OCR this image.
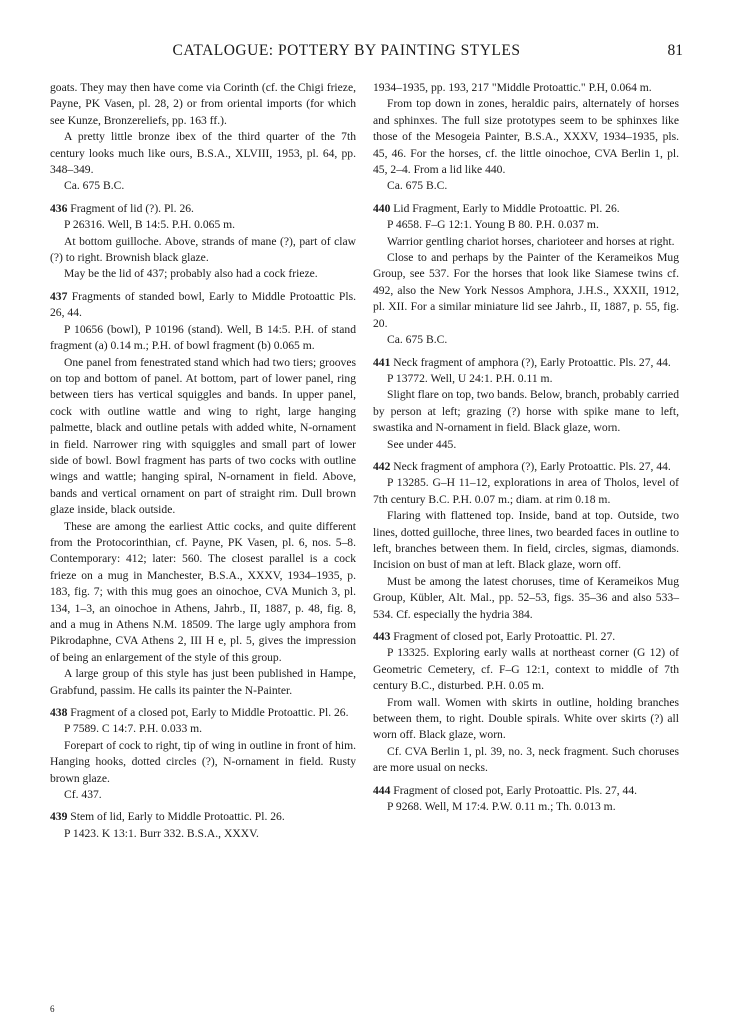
CATALOGUE: POTTERY BY PAINTING STYLES	81

goats. They may then have come via Corinth (cf. the Chigi frieze, Payne, PK Vasen, pl. 28, 2) or from oriental imports (for which see Kunze, Bronzereliefs, pp. 163 ff.).

A pretty little bronze ibex of the third quarter of the 7th century looks much like ours, B.S.A., XLVIII, 1953, pl. 64, pp. 348–349.

Ca. 675 B.C.

436 Fragment of lid (?). Pl. 26.

P 26316. Well, B 14:5. P.H. 0.065 m.

At bottom guilloche. Above, strands of mane (?), part of claw (?) to right. Brownish black glaze.

May be the lid of 437; probably also had a cock frieze.

437 Fragments of standed bowl, Early to Middle Protoattic Pls. 26, 44.

P 10656 (bowl), P 10196 (stand). Well, B 14:5. P.H. of stand fragment (a) 0.14 m.; P.H. of bowl fragment (b) 0.065 m.

One panel from fenestrated stand which had two tiers; grooves on top and bottom of panel. At bottom, part of lower panel, ring between tiers has vertical squiggles and bands. In upper panel, cock with outline wattle and wing to right, large hanging palmette, black and outline petals with added white, N-ornament in field. Narrower ring with squiggles and small part of lower side of bowl. Bowl fragment has parts of two cocks with outline wings and wattle; hanging spiral, N-ornament in field. Above, bands and vertical ornament on part of straight rim. Dull brown glaze inside, black outside.

These are among the earliest Attic cocks, and quite different from the Protocorinthian, cf. Payne, PK Vasen, pl. 6, nos. 5–8. Contemporary: 412; later: 560. The closest parallel is a cock frieze on a mug in Manchester, B.S.A., XXXV, 1934–1935, p. 183, fig. 7; with this mug goes an oinochoe, CVA Munich 3, pl. 134, 1–3, an oinochoe in Athens, Jahrb., II, 1887, p. 48, fig. 8, and a mug in Athens N.M. 18509. The large ugly amphora from Pikrodaphne, CVA Athens 2, III H e, pl. 5, gives the impression of being an enlargement of the style of this group.

A large group of this style has just been published in Hampe, Grabfund, passim. He calls its painter the N-Painter.

438 Fragment of a closed pot, Early to Middle Protoattic. Pl. 26.

P 7589. C 14:7. P.H. 0.033 m.

Forepart of cock to right, tip of wing in outline in front of him. Hanging hooks, dotted circles (?), N-ornament in field. Rusty brown glaze.

Cf. 437.

439 Stem of lid, Early to Middle Protoattic. Pl. 26.

P 1423. K 13:1. Burr 332. B.S.A., XXXV.

1934–1935, pp. 193, 217 "Middle Protoattic." P.H, 0.064 m.

From top down in zones, heraldic pairs, alternately of horses and sphinxes. The full size prototypes seem to be sphinxes like those of the Mesogeia Painter, B.S.A., XXXV, 1934–1935, pls. 45, 46. For the horses, cf. the little oinochoe, CVA Berlin 1, pl. 45, 2–4. From a lid like 440.

Ca. 675 B.C.

440 Lid Fragment, Early to Middle Protoattic. Pl. 26.

P 4658. F–G 12:1. Young B 80. P.H. 0.037 m.

Warrior gentling chariot horses, charioteer and horses at right.

Close to and perhaps by the Painter of the Kerameikos Mug Group, see 537. For the horses that look like Siamese twins cf. 492, also the New York Nessos Amphora, J.H.S., XXXII, 1912, pl. XII. For a similar miniature lid see Jahrb., II, 1887, p. 55, fig. 20.

Ca. 675 B.C.

441 Neck fragment of amphora (?), Early Protoattic. Pls. 27, 44.

P 13772. Well, U 24:1. P.H. 0.11 m.

Slight flare on top, two bands. Below, branch, probably carried by person at left; grazing (?) horse with spike mane to left, swastika and N-ornament in field. Black glaze, worn.

See under 445.

442 Neck fragment of amphora (?), Early Protoattic. Pls. 27, 44.

P 13285. G–H 11–12, explorations in area of Tholos, level of 7th century B.C. P.H. 0.07 m.; diam. at rim 0.18 m.

Flaring with flattened top. Inside, band at top. Outside, two lines, dotted guilloche, three lines, two bearded faces in outline to left, branches between them. In field, circles, sigmas, diamonds. Incision on bust of man at left. Black glaze, worn off.

Must be among the latest choruses, time of Kerameikos Mug Group, Kübler, Alt. Mal., pp. 52–53, figs. 35–36 and also 533–534. Cf. especially the hydria 384.

443 Fragment of closed pot, Early Protoattic. Pl. 27.

P 13325. Exploring early walls at northeast corner (G 12) of Geometric Cemetery, cf. F–G 12:1, context to middle of 7th century B.C., disturbed. P.H. 0.05 m.

From wall. Women with skirts in outline, holding branches between them, to right. Double spirals. White over skirts (?) all worn off. Black glaze, worn.

Cf. CVA Berlin 1, pl. 39, no. 3, neck fragment. Such choruses are more usual on necks.

444 Fragment of closed pot, Early Protoattic. Pls. 27, 44.

P 9268. Well, M 17:4. P.W. 0.11 m.; Th. 0.013 m.

6
